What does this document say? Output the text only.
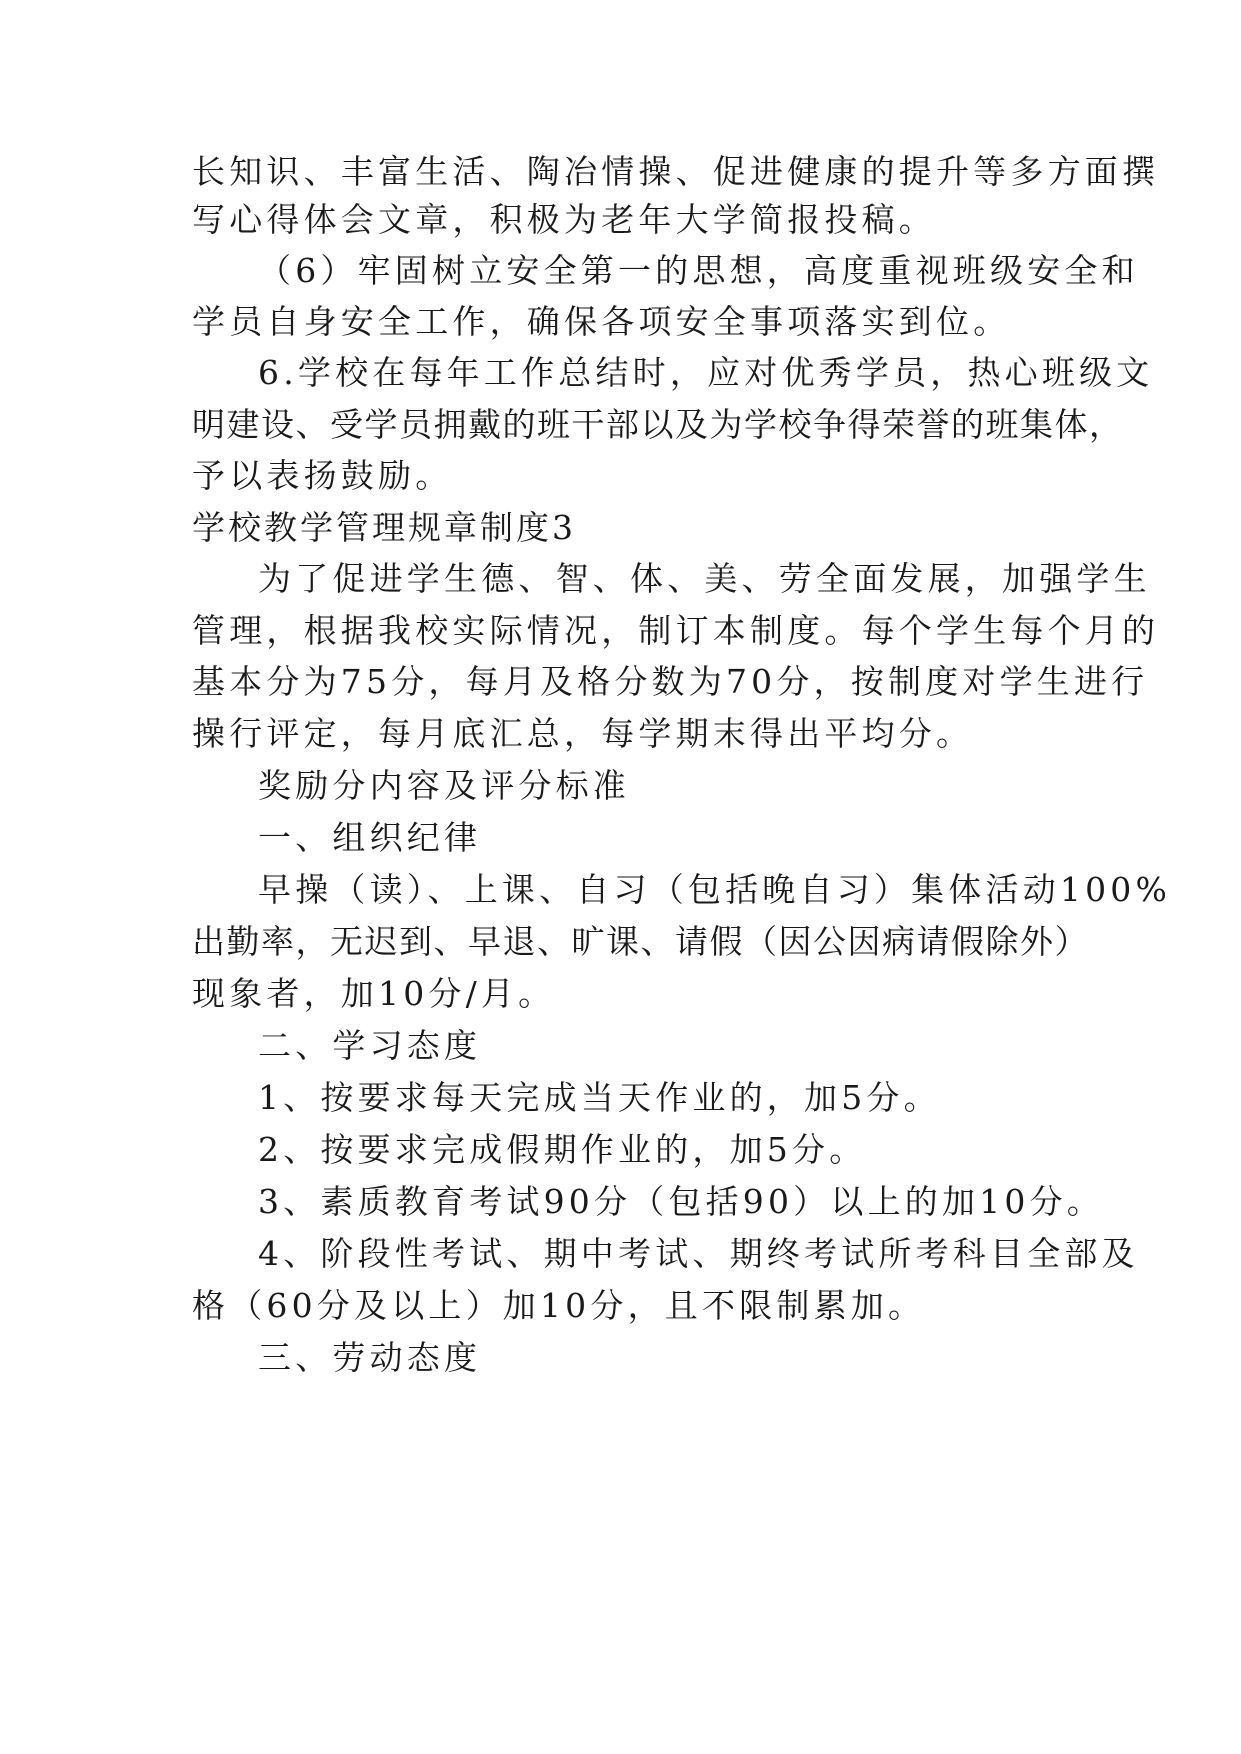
长知识、丰富生活、陶冶情操、促进健康的提升等多方面撰
写心得体会文章，积极为老年大学简报投稿。
（6）牢固树立安全第一的思想，高度重视班级安全和
学员自身安全工作，确保各项安全事项落实到位。
6.学校在每年工作总结时，应对优秀学员，热心班级文
明建设、受学员拥戴的班干部以及为学校争得荣誉的班集体，
予以表扬鼓励。
学校教学管理规章制度3
为了促进学生德、智、体、美、劳全面发展，加强学生
管理，根据我校实际情况，制订本制度。每个学生每个月的
基本分为75分，每月及格分数为70分，按制度对学生进行
操行评定，每月底汇总，每学期末得出平均分。
奖励分内容及评分标准
一、组织纪律
早操（读）、上课、自习（包括晚自习）集体活动100%
出勤率，无迟到、早退、旷课、请假（因公因病请假除外）
现象者，加10分/月。
二、学习态度
1、按要求每天完成当天作业的，加5分。
2、按要求完成假期作业的，加5分。
3、素质教育考试90分（包括90）以上的加10分。
4、阶段性考试、期中考试、期终考试所考科目全部及
格（60分及以上）加10分，且不限制累加。
三、劳动态度
